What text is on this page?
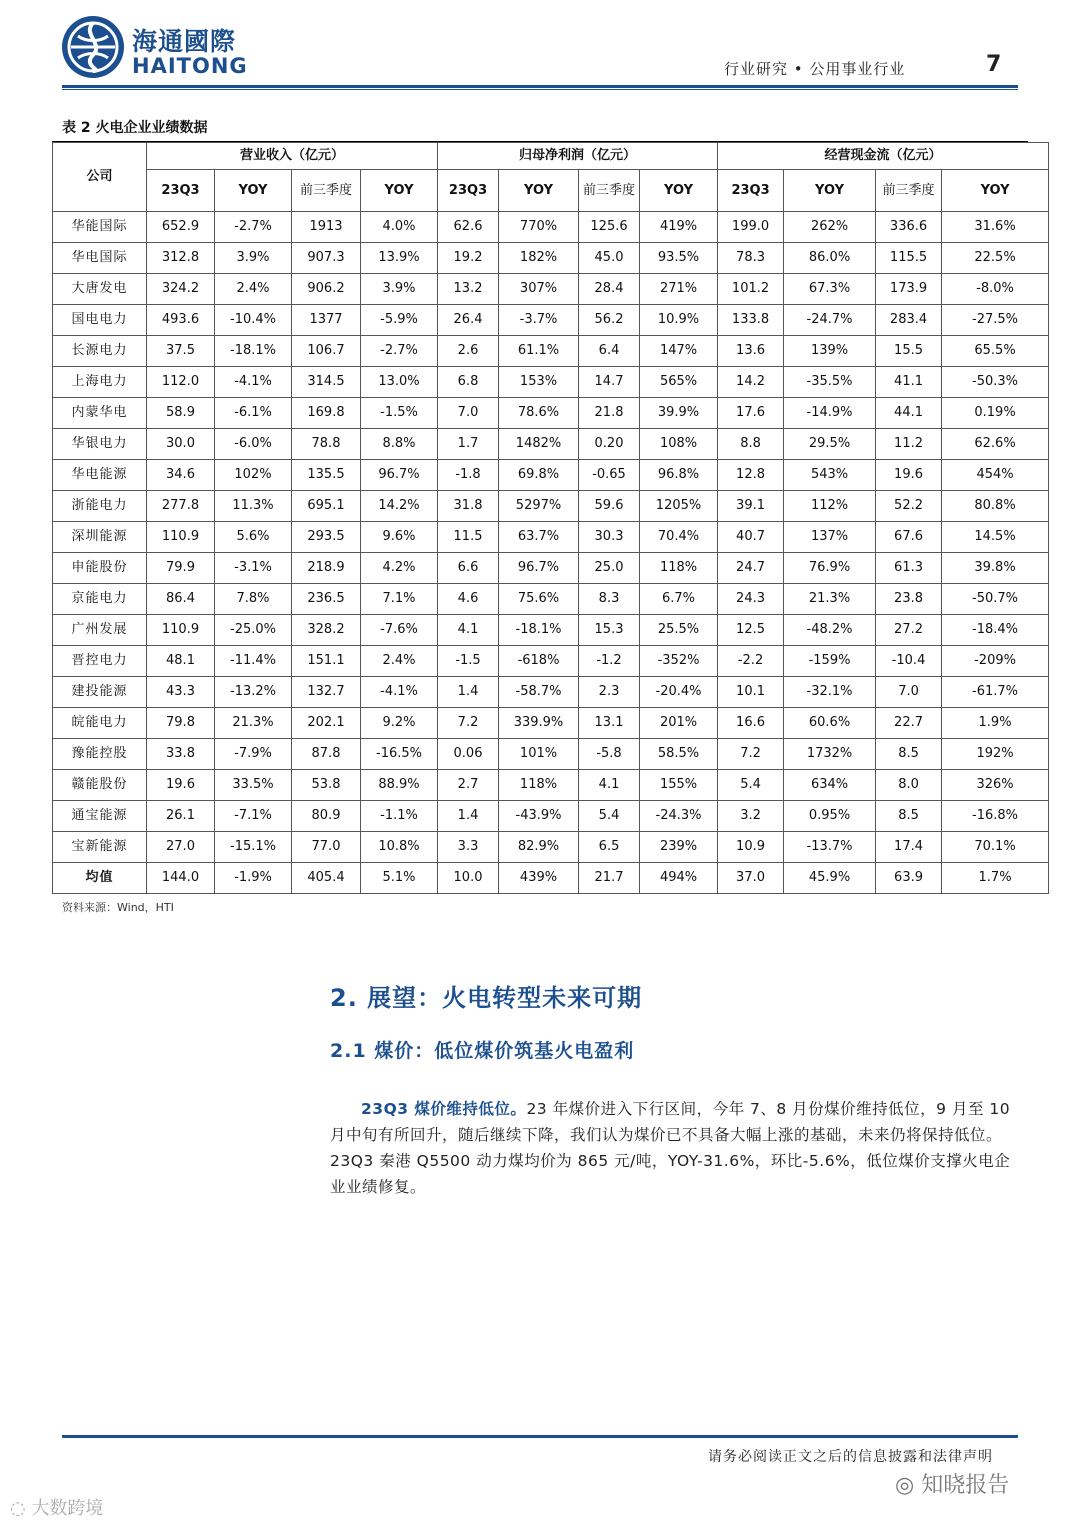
海通國際
HAITONG	行业研究 • 公用事业行业	7
表 2 火电企业业绩数据
公司	营业收入（亿元）				归母净利润（亿元）				经营现金流（亿元）			
	23Q3	YOY	前三季度	YOY	23Q3	YOY	前三季度	YOY	23Q3	YOY	前三季度	YOY
华能国际	652.9	-2.7%	1913	4.0%	62.6	770%	125.6	419%	199.0	262%	336.6	31.6%
华电国际	312.8	3.9%	907.3	13.9%	19.2	182%	45.0	93.5%	78.3	86.0%	115.5	22.5%
大唐发电	324.2	2.4%	906.2	3.9%	13.2	307%	28.4	271%	101.2	67.3%	173.9	-8.0%
国电电力	493.6	-10.4%	1377	-5.9%	26.4	-3.7%	56.2	10.9%	133.8	-24.7%	283.4	-27.5%
长源电力	37.5	-18.1%	106.7	-2.7%	2.6	61.1%	6.4	147%	13.6	139%	15.5	65.5%
上海电力	112.0	-4.1%	314.5	13.0%	6.8	153%	14.7	565%	14.2	-35.5%	41.1	-50.3%
内蒙华电	58.9	-6.1%	169.8	-1.5%	7.0	78.6%	21.8	39.9%	17.6	-14.9%	44.1	0.19%
华银电力	30.0	-6.0%	78.8	8.8%	1.7	1482%	0.20	108%	8.8	29.5%	11.2	62.6%
华电能源	34.6	102%	135.5	96.7%	-1.8	69.8%	-0.65	96.8%	12.8	543%	19.6	454%
浙能电力	277.8	11.3%	695.1	14.2%	31.8	5297%	59.6	1205%	39.1	112%	52.2	80.8%
深圳能源	110.9	5.6%	293.5	9.6%	11.5	63.7%	30.3	70.4%	40.7	137%	67.6	14.5%
申能股份	79.9	-3.1%	218.9	4.2%	6.6	96.7%	25.0	118%	24.7	76.9%	61.3	39.8%
京能电力	86.4	7.8%	236.5	7.1%	4.6	75.6%	8.3	6.7%	24.3	21.3%	23.8	-50.7%
广州发展	110.9	-25.0%	328.2	-7.6%	4.1	-18.1%	15.3	25.5%	12.5	-48.2%	27.2	-18.4%
晋控电力	48.1	-11.4%	151.1	2.4%	-1.5	-618%	-1.2	-352%	-2.2	-159%	-10.4	-209%
建投能源	43.3	-13.2%	132.7	-4.1%	1.4	-58.7%	2.3	-20.4%	10.1	-32.1%	7.0	-61.7%
皖能电力	79.8	21.3%	202.1	9.2%	7.2	339.9%	13.1	201%	16.6	60.6%	22.7	1.9%
豫能控股	33.8	-7.9%	87.8	-16.5%	0.06	101%	-5.8	58.5%	7.2	1732%	8.5	192%
赣能股份	19.6	33.5%	53.8	88.9%	2.7	118%	4.1	155%	5.4	634%	8.0	326%
通宝能源	26.1	-7.1%	80.9	-1.1%	1.4	-43.9%	5.4	-24.3%	3.2	0.95%	8.5	-16.8%
宝新能源	27.0	-15.1%	77.0	10.8%	3.3	82.9%	6.5	239%	10.9	-13.7%	17.4	70.1%
均值	144.0	-1.9%	405.4	5.1%	10.0	439%	21.7	494%	37.0	45.9%	63.9	1.7%
资料来源：Wind，HTI
2. 展望：火电转型未来可期
2.1 煤价：低位煤价筑基火电盈利

23Q3 煤价维持低位。23 年煤价进入下行区间，今年 7、8 月份煤价维持低位，9 月至 10 月中旬有所回升，随后继续下降，我们认为煤价已不具备大幅上涨的基础，未来仍将保持低位。23Q3 秦港 Q5500 动力煤均价为 865 元/吨，YOY-31.6%，环比-5.6%，低位煤价支撑火电企业业绩修复。

请务必阅读正文之后的信息披露和法律声明
◎ 知晓报告
◌ 大数跨境
